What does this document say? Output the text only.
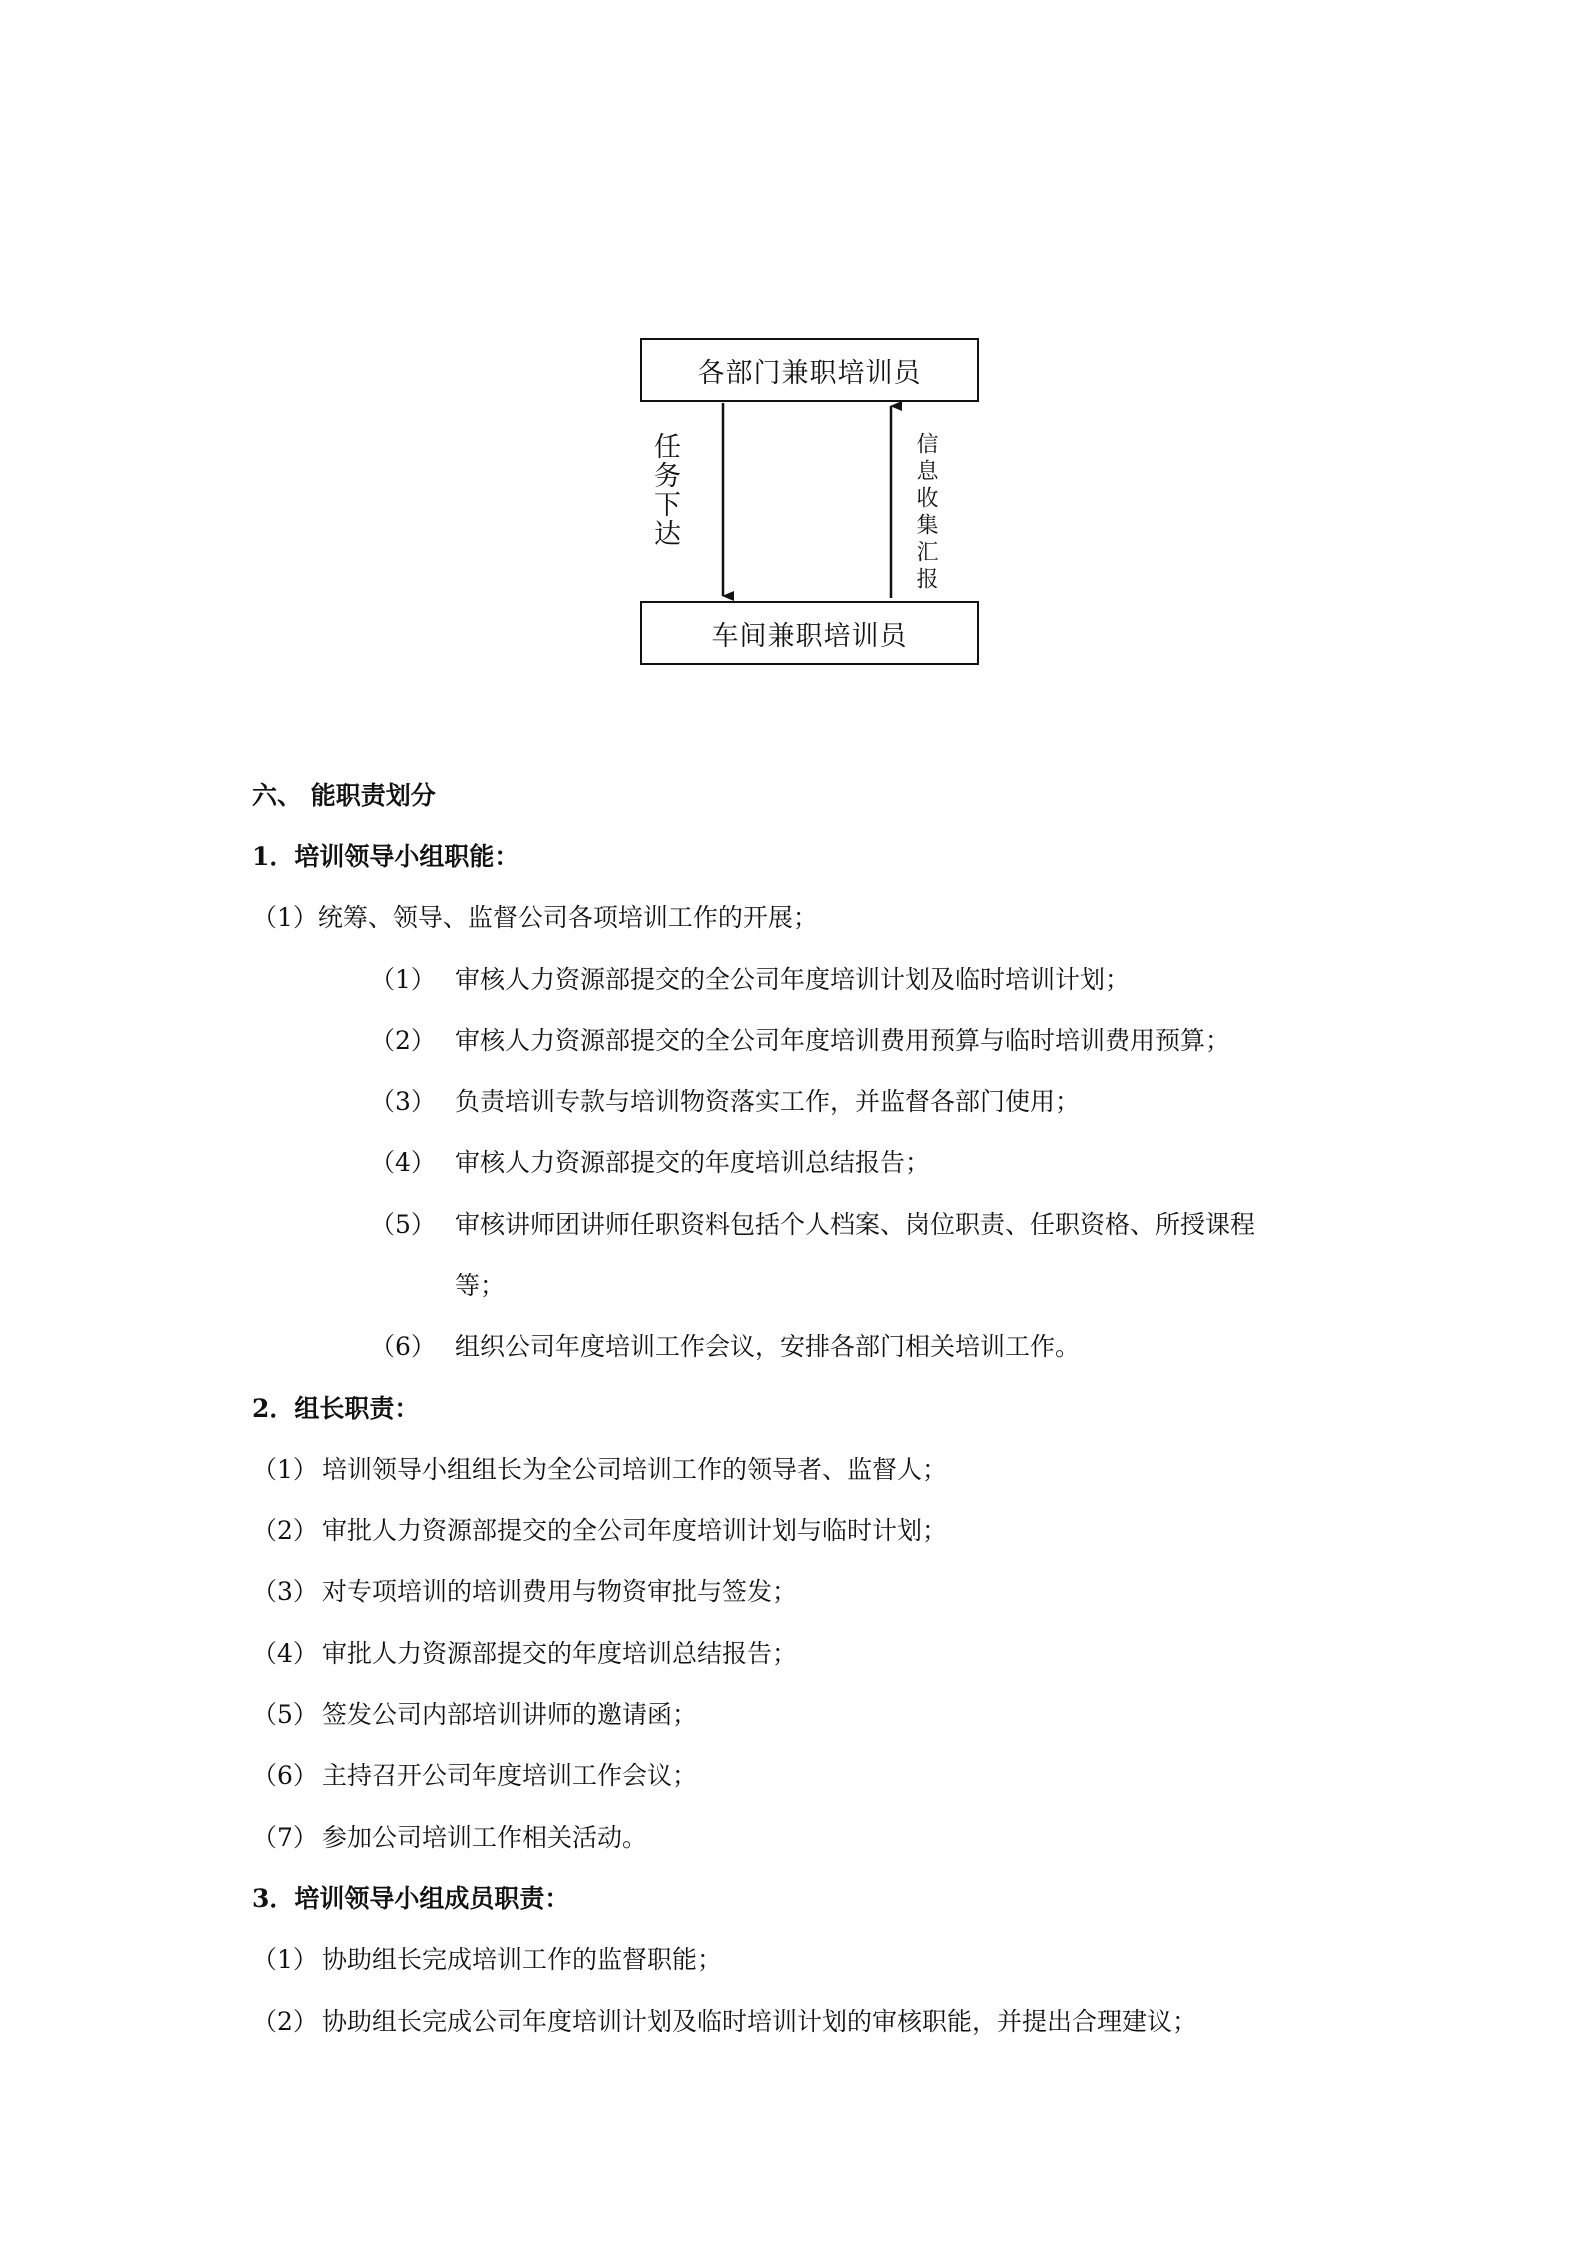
各部门兼职培训员
车间兼职培训员
任务下达	信息收集汇报
六、 能职责划分
1．培训领导小组职能：
（1）统筹、领导、监督公司各项培训工作的开展；
（1） 审核人力资源部提交的全公司年度培训计划及临时培训计划；
（2） 审核人力资源部提交的全公司年度培训费用预算与临时培训费用预算；
（3） 负责培训专款与培训物资落实工作，并监督各部门使用；
（4） 审核人力资源部提交的年度培训总结报告；
（5） 审核讲师团讲师任职资料包括个人档案、岗位职责、任职资格、所授课程
等；
（6） 组织公司年度培训工作会议，安排各部门相关培训工作。
2．组长职责：
（1） 培训领导小组组长为全公司培训工作的领导者、监督人；
（2） 审批人力资源部提交的全公司年度培训计划与临时计划；
（3） 对专项培训的培训费用与物资审批与签发；
（4） 审批人力资源部提交的年度培训总结报告；
（5） 签发公司内部培训讲师的邀请函；
（6） 主持召开公司年度培训工作会议；
（7） 参加公司培训工作相关活动。
3．培训领导小组成员职责：
（1） 协助组长完成培训工作的监督职能；
（2） 协助组长完成公司年度培训计划及临时培训计划的审核职能，并提出合理建议；
